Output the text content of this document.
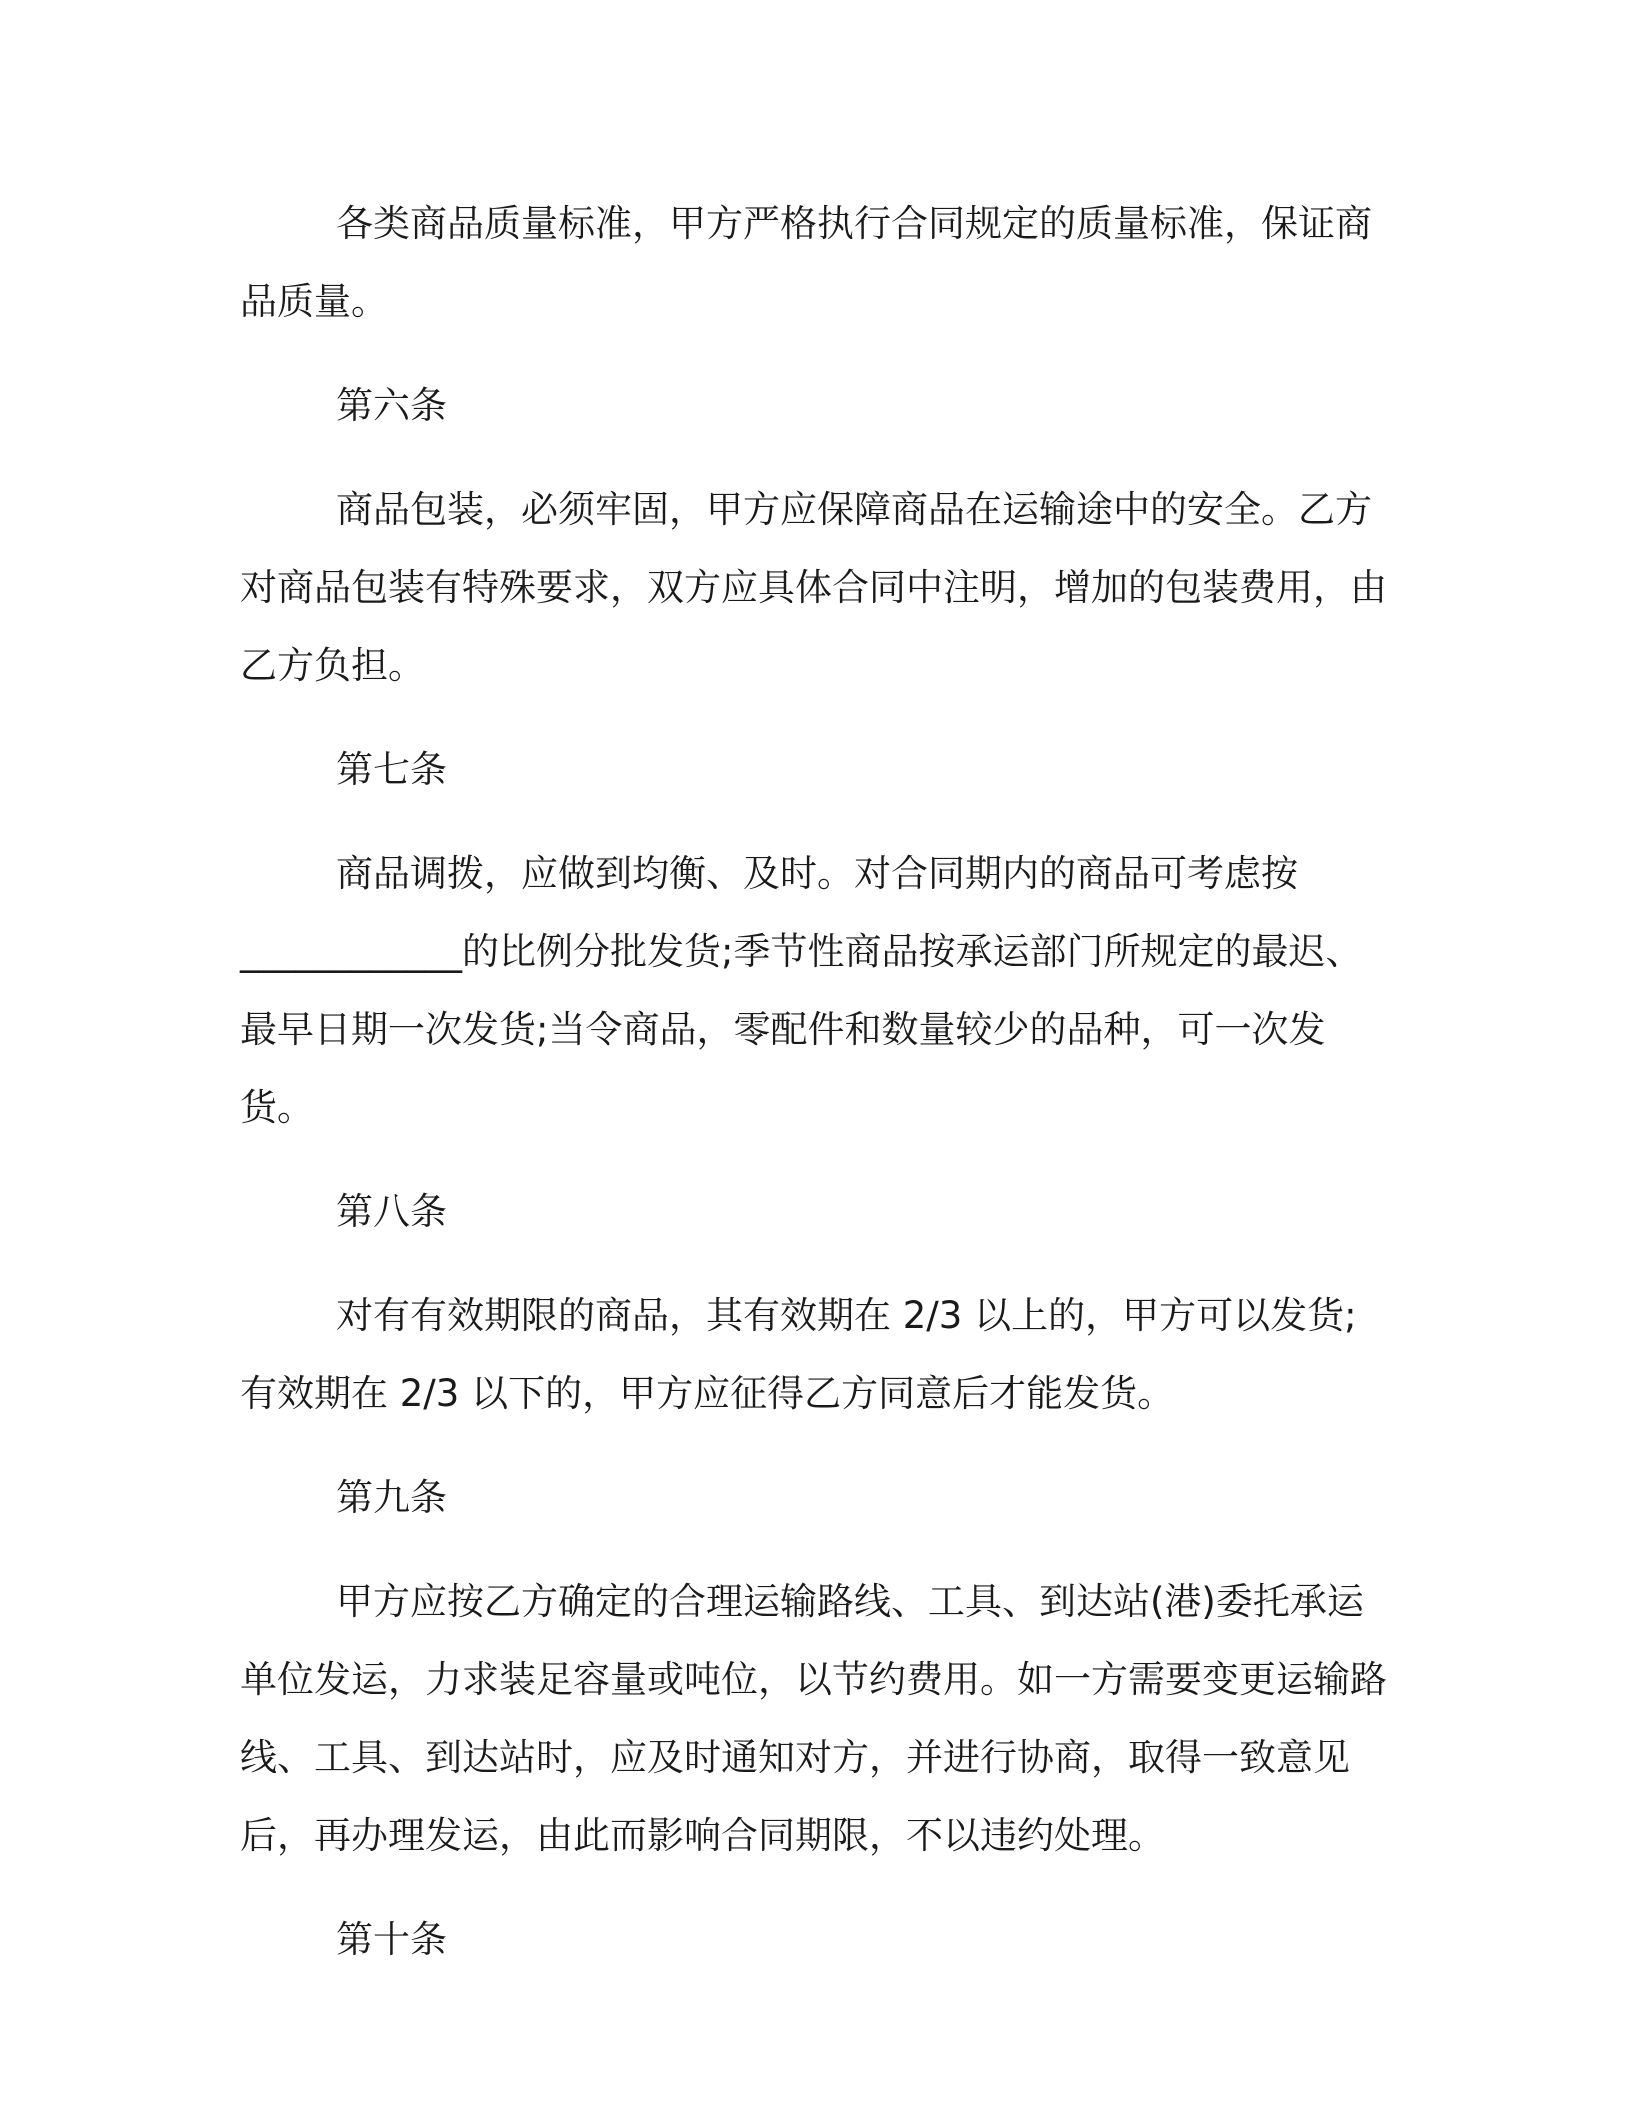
各类商品质量标准，甲方严格执行合同规定的质量标准，保证商品质量。

第六条

商品包装，必须牢固，甲方应保障商品在运输途中的安全。乙方对商品包装有特殊要求，双方应具体合同中注明，增加的包装费用，由乙方负担。

第七条

商品调拨，应做到均衡、及时。对合同期内的商品可考虑按____________的比例分批发货;季节性商品按承运部门所规定的最迟、最早日期一次发货;当令商品，零配件和数量较少的品种，可一次发货。

第八条

对有有效期限的商品，其有效期在 2/3 以上的，甲方可以发货;有效期在 2/3 以下的，甲方应征得乙方同意后才能发货。

第九条

甲方应按乙方确定的合理运输路线、工具、到达站(港)委托承运单位发运，力求装足容量或吨位，以节约费用。如一方需要变更运输路线、工具、到达站时，应及时通知对方，并进行协商，取得一致意见后，再办理发运，由此而影响合同期限，不以违约处理。

第十条
